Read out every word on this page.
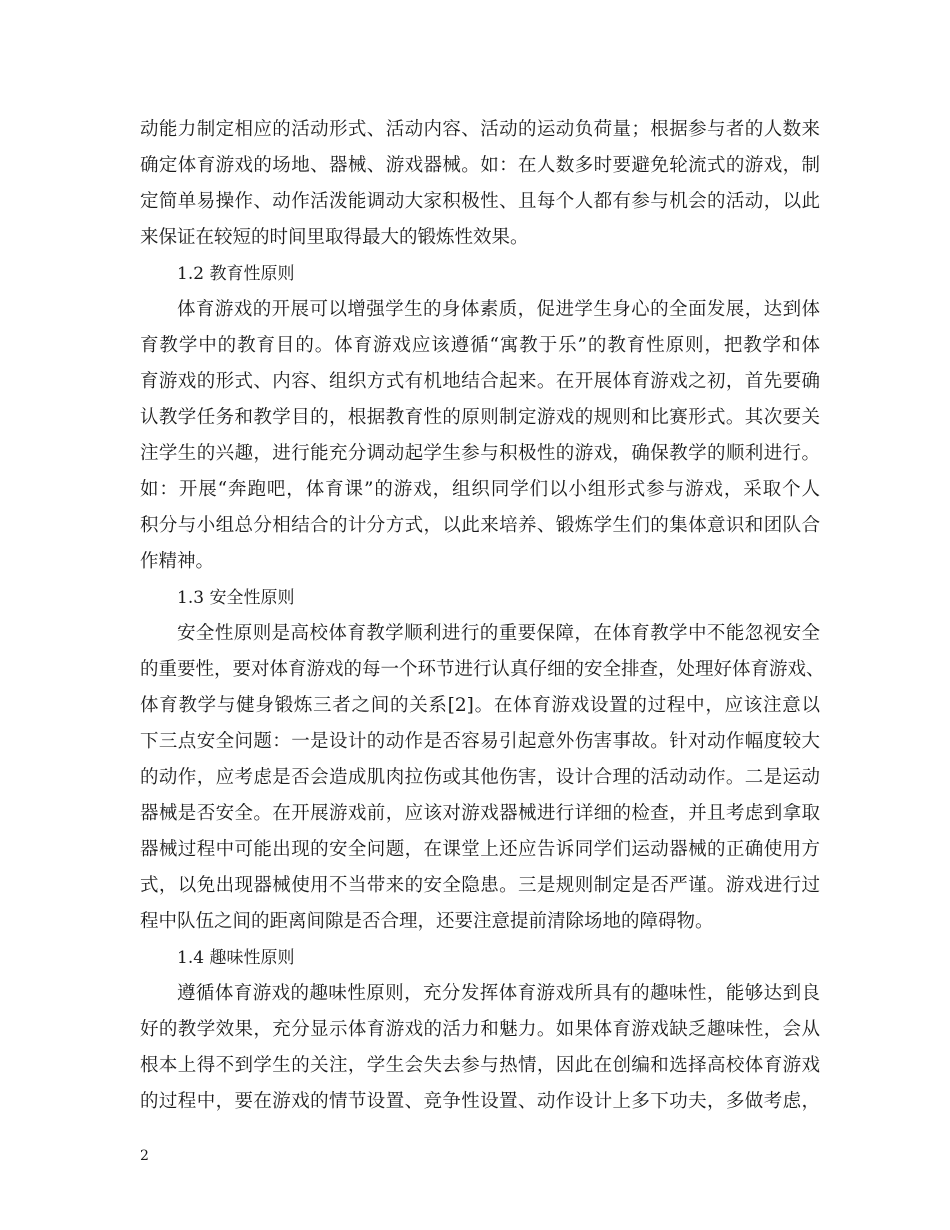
动能力制定相应的活动形式、活动内容、活动的运动负荷量；根据参与者的人数来
确定体育游戏的场地、器械、游戏器械。如：在人数多时要避免轮流式的游戏，制
定简单易操作、动作活泼能调动大家积极性、且每个人都有参与机会的活动，以此
来保证在较短的时间里取得最大的锻炼性效果。
1.2 教育性原则
体育游戏的开展可以增强学生的身体素质，促进学生身心的全面发展，达到体
育教学中的教育目的。体育游戏应该遵循“寓教于乐”的教育性原则，把教学和体
育游戏的形式、内容、组织方式有机地结合起来。在开展体育游戏之初，首先要确
认教学任务和教学目的，根据教育性的原则制定游戏的规则和比赛形式。其次要关
注学生的兴趣，进行能充分调动起学生参与积极性的游戏，确保教学的顺利进行。
如：开展“奔跑吧，体育课”的游戏，组织同学们以小组形式参与游戏，采取个人
积分与小组总分相结合的计分方式，以此来培养、锻炼学生们的集体意识和团队合
作精神。
1.3 安全性原则
安全性原则是高校体育教学顺利进行的重要保障，在体育教学中不能忽视安全
的重要性，要对体育游戏的每一个环节进行认真仔细的安全排查，处理好体育游戏、
体育教学与健身锻炼三者之间的关系[2]。在体育游戏设置的过程中，应该注意以
下三点安全问题：一是设计的动作是否容易引起意外伤害事故。针对动作幅度较大
的动作，应考虑是否会造成肌肉拉伤或其他伤害，设计合理的活动动作。二是运动
器械是否安全。在开展游戏前，应该对游戏器械进行详细的检查，并且考虑到拿取
器械过程中可能出现的安全问题，在课堂上还应告诉同学们运动器械的正确使用方
式，以免出现器械使用不当带来的安全隐患。三是规则制定是否严谨。游戏进行过
程中队伍之间的距离间隙是否合理，还要注意提前清除场地的障碍物。
1.4 趣味性原则
遵循体育游戏的趣味性原则，充分发挥体育游戏所具有的趣味性，能够达到良
好的教学效果，充分显示体育游戏的活力和魅力。如果体育游戏缺乏趣味性，会从
根本上得不到学生的关注，学生会失去参与热情，因此在创编和选择高校体育游戏
的过程中，要在游戏的情节设置、竞争性设置、动作设计上多下功夫，多做考虑，
2
